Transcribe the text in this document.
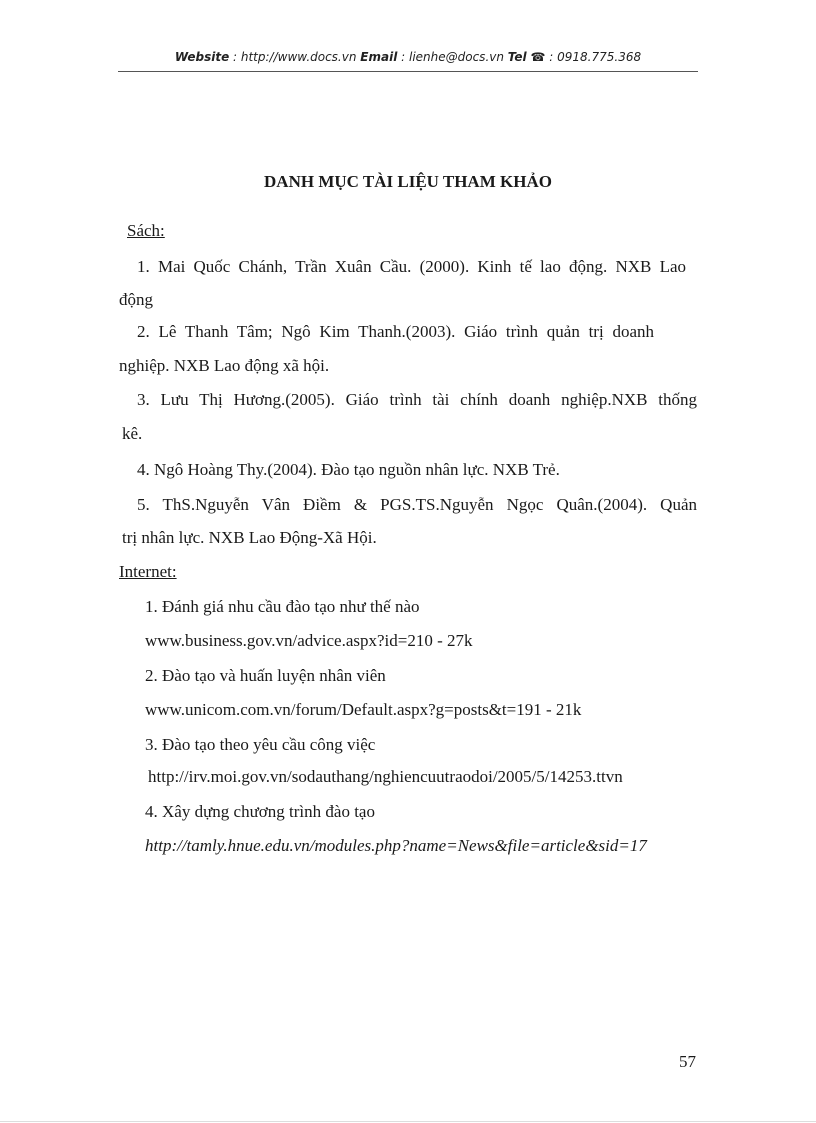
Website : http://www.docs.vn Email : lienhe@docs.vn Tel ☎ : 0918.775.368
DANH MỤC TÀI LIỆU THAM KHẢO
Sách:
1. Mai Quốc Chánh, Trần Xuân Cầu. (2000). Kinh tế lao động. NXB Lao
động
2. Lê Thanh Tâm; Ngô Kim Thanh.(2003). Giáo trình quản trị doanh
nghiệp. NXB Lao động xã hội.
3. Lưu Thị Hương.(2005). Giáo trình tài chính doanh nghiệp.NXB thống
kê.
4. Ngô Hoàng Thy.(2004). Đào tạo nguồn nhân lực. NXB Trẻ.
5. ThS.Nguyễn Vân Điềm & PGS.TS.Nguyễn Ngọc Quân.(2004). Quản
trị nhân lực. NXB Lao Động-Xã Hội.
Internet:
1. Đánh giá nhu cầu đào tạo như thế nào
www.business.gov.vn/advice.aspx?id=210 - 27k
2. Đào tạo và huấn luyện nhân viên
www.unicom.com.vn/forum/Default.aspx?g=posts&t=191 - 21k
3. Đào tạo theo yêu cầu công việc
http://irv.moi.gov.vn/sodauthang/nghiencuutraodoi/2005/5/14253.ttvn
4. Xây dựng chương trình đào tạo
http://tamly.hnue.edu.vn/modules.php?name=News&file=article&sid=17
57
